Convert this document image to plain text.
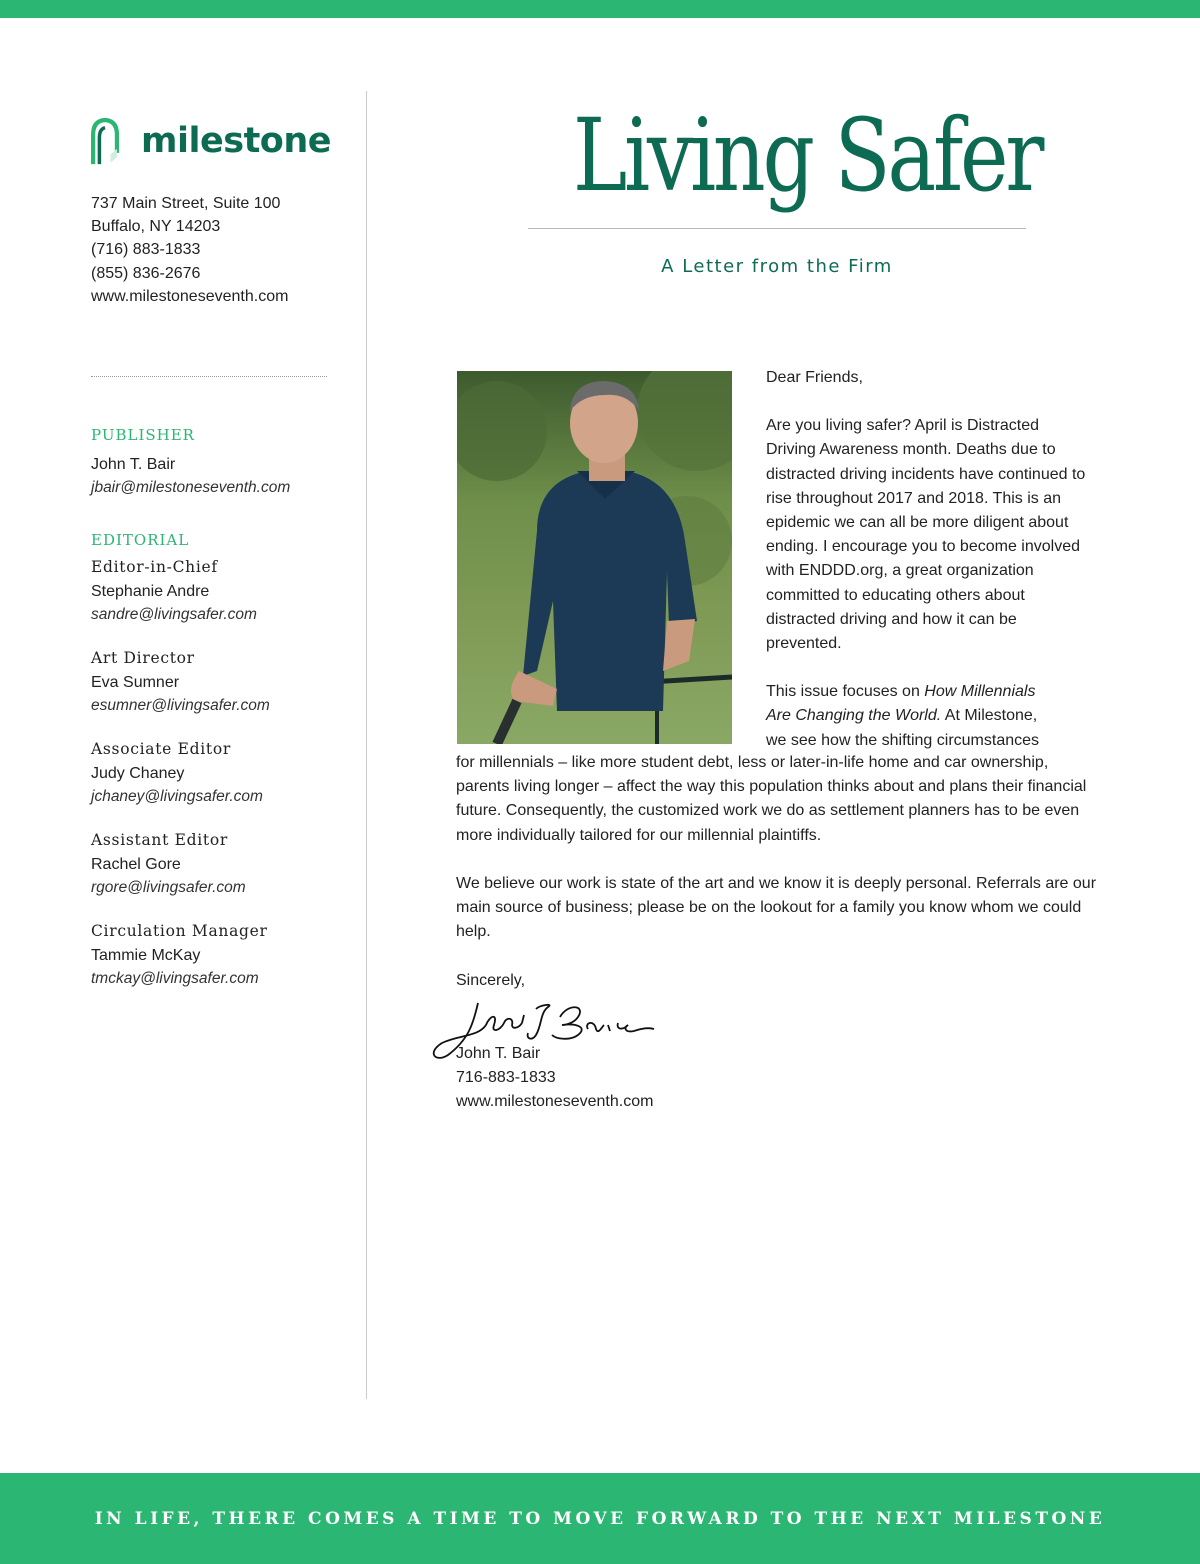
milestone
737 Main Street, Suite 100
Buffalo, NY 14203
(716) 883-1833
(855) 836-2676
www.milestoneseventh.com
PUBLISHER
John T. Bair
jbair@milestoneseventh.com
EDITORIAL
Editor-in-Chief
Stephanie Andre
sandre@livingsafer.com
Art Director
Eva Sumner
esumner@livingsafer.com
Associate Editor
Judy Chaney
jchaney@livingsafer.com
Assistant Editor
Rachel Gore
rgore@livingsafer.com
Circulation Manager
Tammie McKay
tmckay@livingsafer.com
Living Safer
A Letter from the Firm

Dear Friends,

Are you living safer? April is Distracted Driving Awareness month. Deaths due to distracted driving incidents have continued to rise throughout 2017 and 2018. This is an epidemic we can all be more diligent about ending. I encourage you to become involved with ENDDD.org, a great organization committed to educating others about distracted driving and how it can be prevented.

This issue focuses on How Millennials Are Changing the World. At Milestone, we see how the shifting circumstances

for millennials – like more student debt, less or later-in-life home and car ownership, parents living longer – affect the way this population thinks about and plans their financial future. Consequently, the customized work we do as settlement planners has to be even more individually tailored for our millennial plaintiffs.

We believe our work is state of the art and we know it is deeply personal. Referrals are our main source of business; please be on the lookout for a family you know whom we could help.

Sincerely,

John T. Bair

716-883-1833

www.milestoneseventh.com

IN LIFE, THERE COMES A TIME TO MOVE FORWARD TO THE NEXT MILESTONE
